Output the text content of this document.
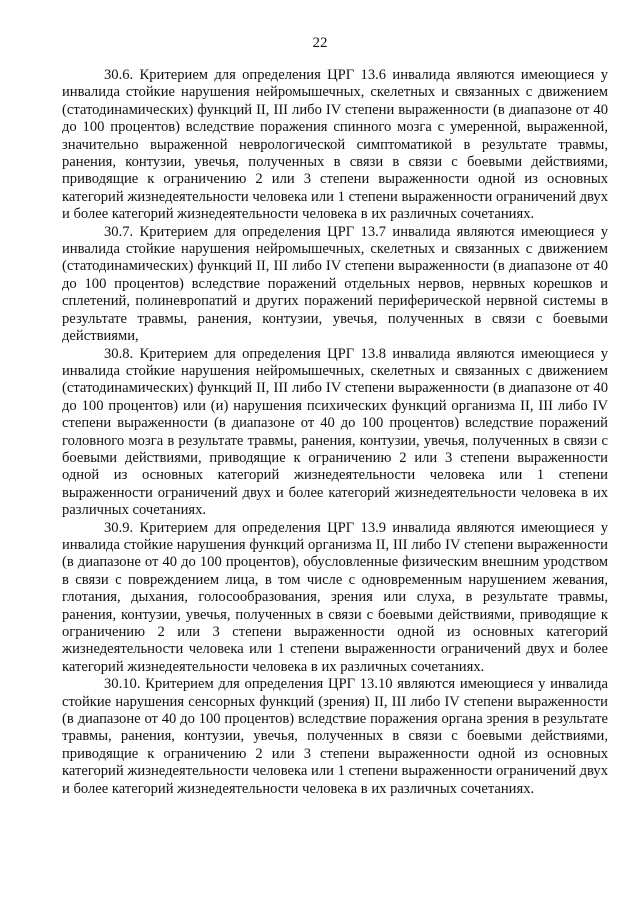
22

30.6. Критерием для определения ЦРГ 13.6 инвалида являются имеющиеся у инвалида стойкие нарушения нейромышечных, скелетных и связанных с движением (статодинамических) функций II, III либо IV степени выраженности (в диапазоне от 40 до 100 процентов) вследствие поражения спинного мозга с умеренной, выраженной, значительно выраженной неврологической симптоматикой в результате травмы, ранения, контузии, увечья, полученных в связи в связи с боевыми действиями, приводящие к ограничению 2 или 3 степени выраженности одной из основных категорий жизнедеятельности человека или 1 степени выраженности ограничений двух и более категорий жизнедеятельности человека в их различных сочетаниях.

30.7. Критерием для определения ЦРГ 13.7 инвалида являются имеющиеся у инвалида стойкие нарушения нейромышечных, скелетных и связанных с движением (статодинамических) функций II, III либо IV степени выраженности (в диапазоне от 40 до 100 процентов) вследствие поражений отдельных нервов, нервных корешков и сплетений, полиневропатий и других поражений периферической нервной системы в результате травмы, ранения, контузии, увечья, полученных в связи с боевыми действиями,

30.8. Критерием для определения ЦРГ 13.8 инвалида являются имеющиеся у инвалида стойкие нарушения нейромышечных, скелетных и связанных с движением (статодинамических) функций II, III либо IV степени выраженности (в диапазоне от 40 до 100 процентов) или (и) нарушения психических функций организма II, III либо IV степени выраженности (в диапазоне от 40 до 100 процентов) вследствие поражений головного мозга в результате травмы, ранения, контузии, увечья, полученных в связи с боевыми действиями, приводящие к ограничению 2 или 3 степени выраженности одной из основных категорий жизнедеятельности человека или 1 степени выраженности ограничений двух и более категорий жизнедеятельности человека в их различных сочетаниях.

30.9. Критерием для определения ЦРГ 13.9 инвалида являются имеющиеся у инвалида стойкие нарушения функций организма II, III либо IV степени выраженности (в диапазоне от 40 до 100 процентов), обусловленные физическим внешним уродством в связи с повреждением лица, в том числе с одновременным нарушением жевания, глотания, дыхания, голосообразования, зрения или слуха, в результате травмы, ранения, контузии, увечья, полученных в связи с боевыми действиями, приводящие к ограничению 2 или 3 степени выраженности одной из основных категорий жизнедеятельности человека или 1 степени выраженности ограничений двух и более категорий жизнедеятельности человека в их различных сочетаниях.

30.10. Критерием для определения ЦРГ 13.10 являются имеющиеся у инвалида стойкие нарушения сенсорных функций (зрения) II, III либо IV степени выраженности (в диапазоне от 40 до 100 процентов) вследствие поражения органа зрения в результате травмы, ранения, контузии, увечья, полученных в связи с боевыми действиями, приводящие к ограничению 2 или 3 степени выраженности одной из основных категорий жизнедеятельности человека или 1 степени выраженности ограничений двух и более категорий жизнедеятельности человека в их различных сочетаниях.
